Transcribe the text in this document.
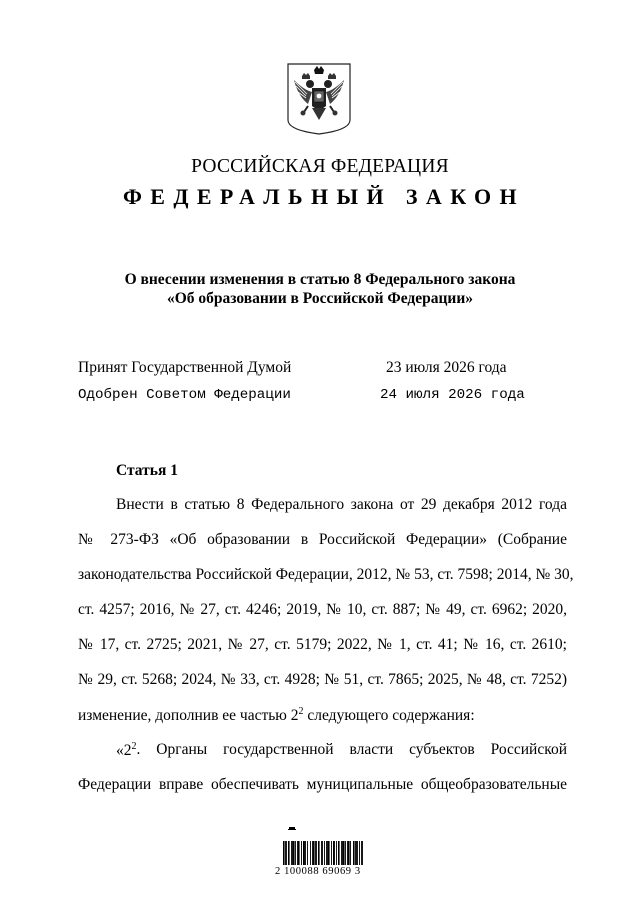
РОССИЙСКАЯ ФЕДЕРАЦИЯ
ФЕДЕРАЛЬНЫЙ ЗАКОН
О внесении изменения в статью 8 Федерального закона
«Об образовании в Российской Федерации»
Принят Государственной Думой	23 июля 2026 года
Одобрен Советом Федерации	24 июля 2026 года
Статья 1
Внести в статью 8 Федерального закона от 29 декабря 2012 года
№ 273-ФЗ «Об образовании в Российской Федерации» (Собрание
законодательства Российской Федерации, 2012, № 53, ст. 7598; 2014, № 30,
ст. 4257; 2016, № 27, ст. 4246; 2019, № 10, ст. 887; № 49, ст. 6962; 2020,
№ 17, ст. 2725; 2021, № 27, ст. 5179; 2022, № 1, ст. 41; № 16, ст. 2610;
№ 29, ст. 5268; 2024, № 33, ст. 4928; № 51, ст. 7865; 2025, № 48, ст. 7252)
изменение, дополнив ее частью $2^2$ следующего содержания:
«$2^2$ . Органы государственной власти субъектов Российской
Федерации вправе обеспечивать муниципальные общеобразовательные
2 100088 69069 3
